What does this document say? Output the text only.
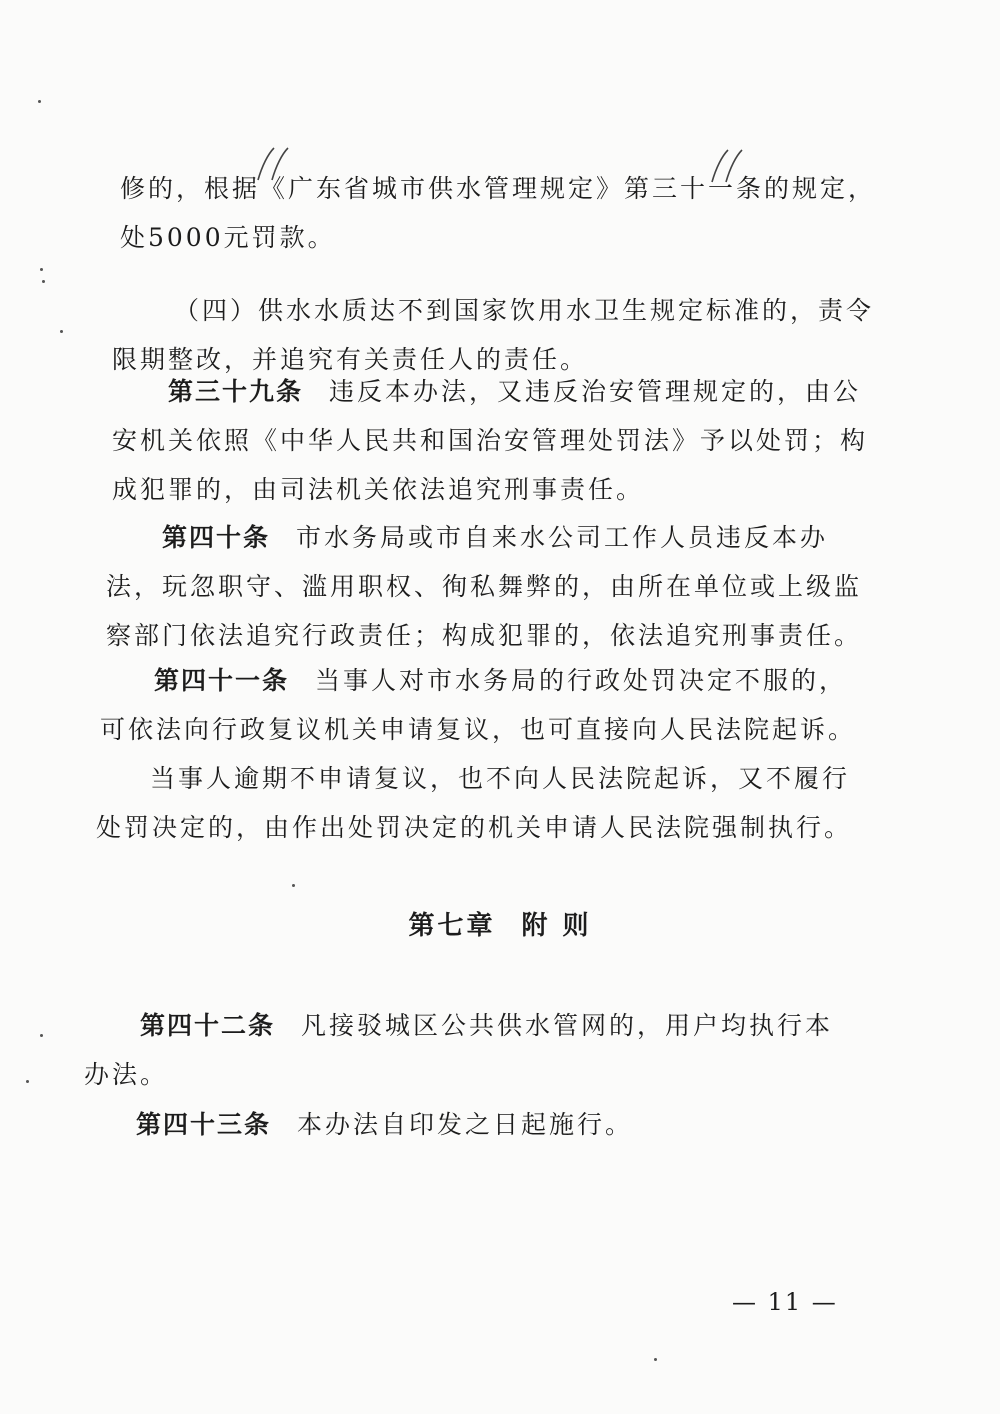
修的，根据《广东省城市供水管理规定》第三十一条的规定，处5000元罚款。

（四）供水水质达不到国家饮用水卫生规定标准的，责令限期整改，并追究有关责任人的责任。

第三十九条 违反本办法，又违反治安管理规定的，由公安机关依照《中华人民共和国治安管理处罚法》予以处罚；构成犯罪的，由司法机关依法追究刑事责任。

第四十条 市水务局或市自来水公司工作人员违反本办法，玩忽职守、滥用职权、徇私舞弊的，由所在单位或上级监察部门依法追究行政责任；构成犯罪的，依法追究刑事责任。

第四十一条 当事人对市水务局的行政处罚决定不服的，可依法向行政复议机关申请复议，也可直接向人民法院起诉。

当事人逾期不申请复议，也不向人民法院起诉，又不履行处罚决定的，由作出处罚决定的机关申请人民法院强制执行。

第七章 附 则

第四十二条 凡接驳城区公共供水管网的，用户均执行本办法。

第四十三条 本办法自印发之日起施行。

— 11 —
